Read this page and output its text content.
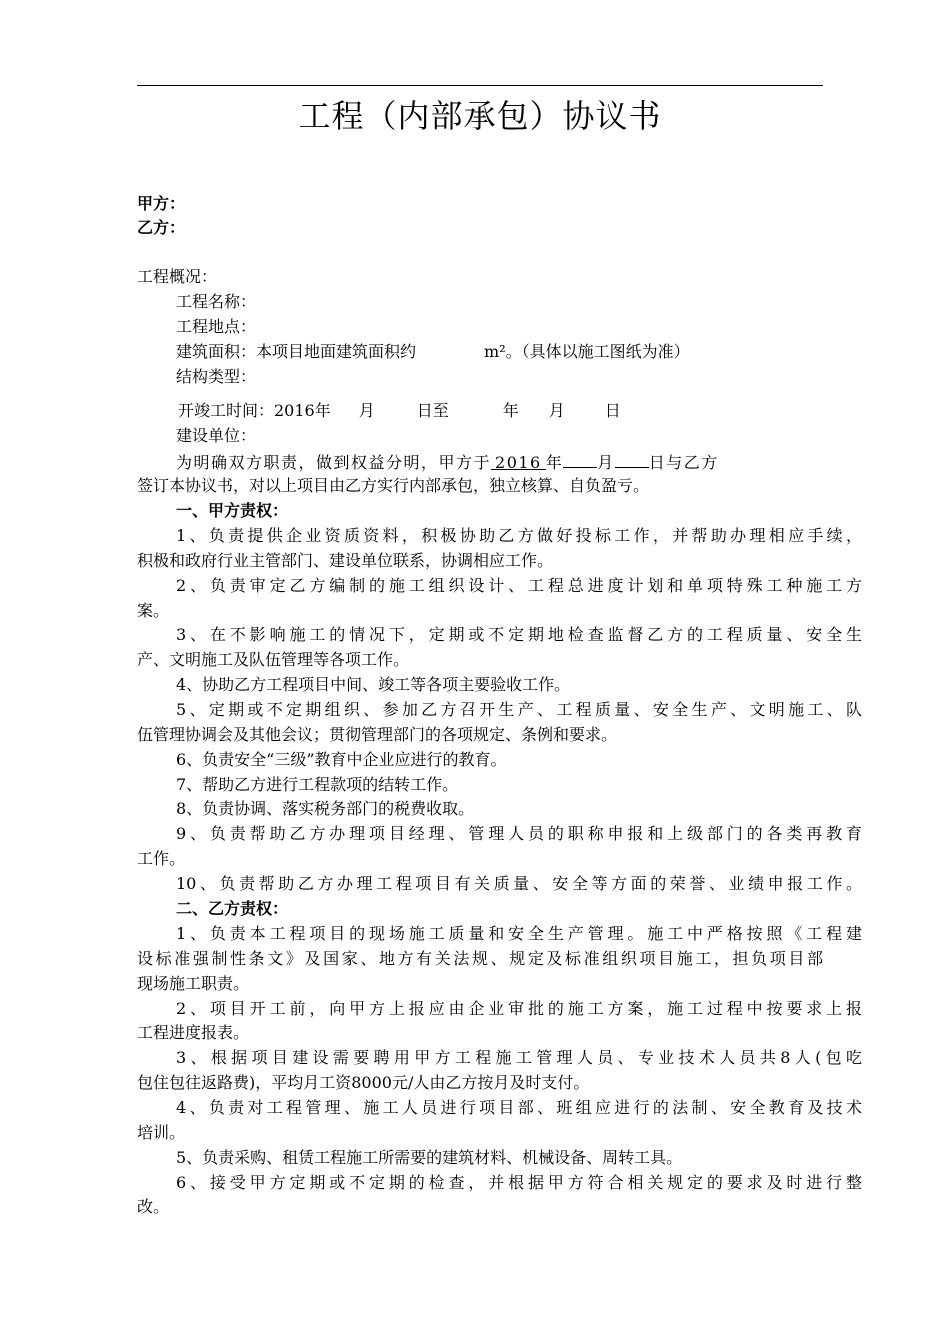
工程（内部承包）协议书
甲方：
乙方：
工程概况：
工程名称：
工程地点：
建筑面积：本项目地面建筑面积约	m²。（具体以施工图纸为准）
结构类型：
开竣工时间：2016年 月	日至	年 月	日
建设单位：
为明确双方职责，做到权益分明，甲方于 2016 年 月 日与乙方
签订本协议书，对以上项目由乙方实行内部承包，独立核算、自负盈亏。
一、甲方责权：
1、负责提供企业资质资料，积极协助乙方做好投标工作，并帮助办理相应手续，
积极和政府行业主管部门、建设单位联系，协调相应工作。
2、负责审定乙方编制的施工组织设计、工程总进度计划和单项特殊工种施工方
案。
3、在不影响施工的情况下，定期或不定期地检查监督乙方的工程质量、安全生
产、文明施工及队伍管理等各项工作。
4、协助乙方工程项目中间、竣工等各项主要验收工作。
5、定期或不定期组织、参加乙方召开生产、工程质量、安全生产、文明施工、队
伍管理协调会及其他会议；贯彻管理部门的各项规定、条例和要求。
6、负责安全“三级”教育中企业应进行的教育。
7、帮助乙方进行工程款项的结转工作。
8、负责协调、落实税务部门的税费收取。
9、负责帮助乙方办理项目经理、管理人员的职称申报和上级部门的各类再教育
工作。
10、负责帮助乙方办理工程项目有关质量、安全等方面的荣誉、业绩申报工作。
二、乙方责权：
1、负责本工程项目的现场施工质量和安全生产管理。施工中严格按照《工程建
设标准强制性条文》及国家、地方有关法规、规定及标准组织项目施工，担负项目部
现场施工职责。
2、项目开工前，向甲方上报应由企业审批的施工方案，施工过程中按要求上报
工程进度报表。
3、根据项目建设需要聘用甲方工程施工管理人员、专业技术人员共8人(包吃
包住包往返路费)，平均月工资8000元/人由乙方按月及时支付。
4、负责对工程管理、施工人员进行项目部、班组应进行的法制、安全教育及技术
培训。
5、负责采购、租赁工程施工所需要的建筑材料、机械设备、周转工具。
6、接受甲方定期或不定期的检查，并根据甲方符合相关规定的要求及时进行整
改。
